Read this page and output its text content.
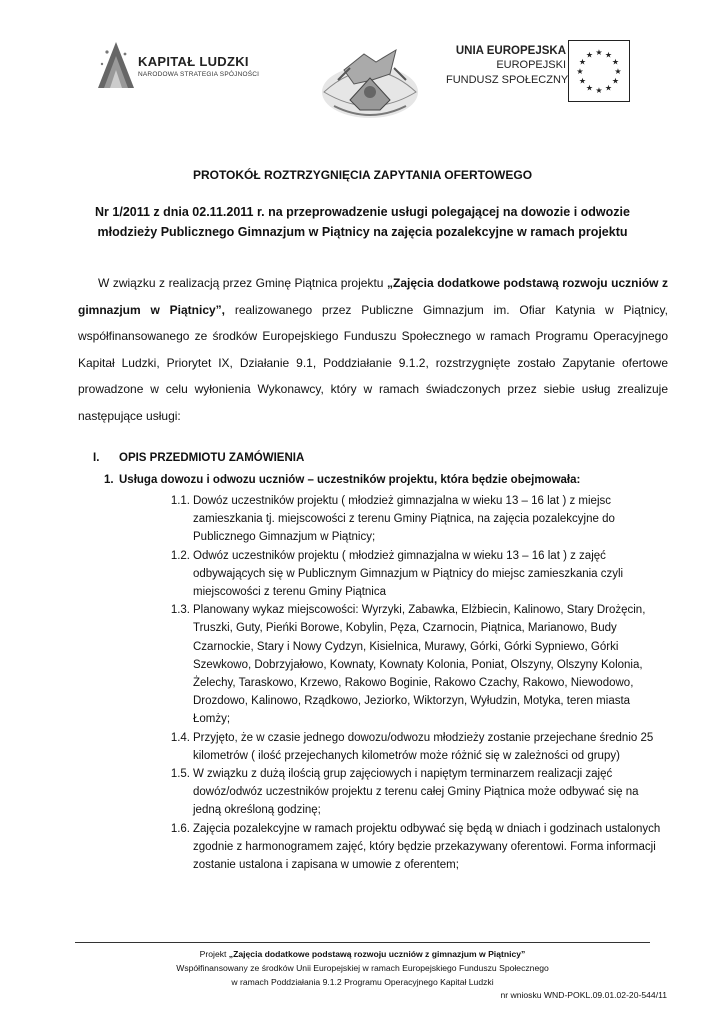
KAPITAŁ LUDZKI
NARODOWA STRATEGIA SPÓJNOŚCI
UNIA EUROPEJSKA
EUROPEJSKI
FUNDUSZ SPOŁECZNY
★ ★
★
★
★
★
★
★
★
★
★
★
PROTOKÓŁ ROZTRZYGNIĘCIA ZAPYTANIA OFERTOWEGO
Nr 1/2011 z dnia 02.11.2011 r. na przeprowadzenie usługi polegającej na dowozie i odwozie
młodzieży Publicznego Gimnazjum w Piątnicy na zajęcia pozalekcyjne w ramach projektu
W związku z realizacją przez Gminę Piątnica projektu „Zajęcia dodatkowe podstawą rozwoju uczniów z gimnazjum w Piątnicy”, realizowanego przez Publiczne Gimnazjum im. Ofiar Katynia w Piątnicy, współfinansowanego ze środków Europejskiego Funduszu Społecznego w ramach Programu Operacyjnego Kapitał Ludzki, Priorytet IX, Działanie 9.1, Poddziałanie 9.1.2, rozstrzygnięte zostało Zapytanie ofertowe prowadzone w celu wyłonienia Wykonawcy, który w ramach świadczonych przez siebie usług zrealizuje następujące usługi:
I. OPIS PRZEDMIOTU ZAMÓWIENIA
1. Usługa dowozu i odwozu uczniów – uczestników projektu, która będzie obejmowała:
1.1. Dowóz uczestników projektu ( młodzież gimnazjalna w wieku 13 – 16 lat ) z miejsc zamieszkania tj. miejscowości z terenu Gminy Piątnica, na zajęcia pozalekcyjne do Publicznego Gimnazjum w Piątnicy;
1.2. Odwóz uczestników projektu ( młodzież gimnazjalna w wieku 13 – 16 lat ) z zajęć odbywających się w Publicznym Gimnazjum w Piątnicy do miejsc zamieszkania czyli miejscowości z terenu Gminy Piątnica
1.3. Planowany wykaz miejscowości: Wyrzyki, Zabawka, Elżbiecin, Kalinowo, Stary Drożęcin, Truszki, Guty, Pieńki Borowe, Kobylin, Pęza, Czarnocin, Piątnica, Marianowo, Budy Czarnockie, Stary i Nowy Cydzyn, Kisielnica, Murawy, Górki, Górki Sypniewo, Górki Szewkowo, Dobrzyjałowo, Kownaty, Kownaty Kolonia, Poniat, Olszyny, Olszyny Kolonia, Żelechy, Taraskowo, Krzewo, Rakowo Boginie, Rakowo Czachy, Rakowo, Niewodowo, Drozdowo, Kalinowo, Rządkowo, Jeziorko, Wiktorzyn, Wyłudzin, Motyka, teren miasta Łomży;
1.4. Przyjęto, że w czasie jednego dowozu/odwozu młodzieży zostanie przejechane średnio 25 kilometrów ( ilość przejechanych kilometrów może różnić się w zależności od grupy)
1.5. W związku z dużą ilością grup zajęciowych i napiętym terminarzem realizacji zajęć dowóz/odwóz uczestników projektu z terenu całej Gminy Piątnica może odbywać się na jedną określoną godzinę;
1.6. Zajęcia pozalekcyjne w ramach projektu odbywać się będą w dniach i godzinach ustalonych zgodnie z harmonogramem zajęć, który będzie przekazywany oferentowi. Forma informacji zostanie ustalona i zapisana w umowie z oferentem;
Projekt „Zajęcia dodatkowe podstawą rozwoju uczniów z gimnazjum w Piątnicy”
Współfinansowany ze środków Unii Europejskiej w ramach Europejskiego Funduszu Społecznego
w ramach Poddziałania 9.1.2 Programu Operacyjnego Kapitał Ludzki
nr wniosku WND-POKL.09.01.02-20-544/11
